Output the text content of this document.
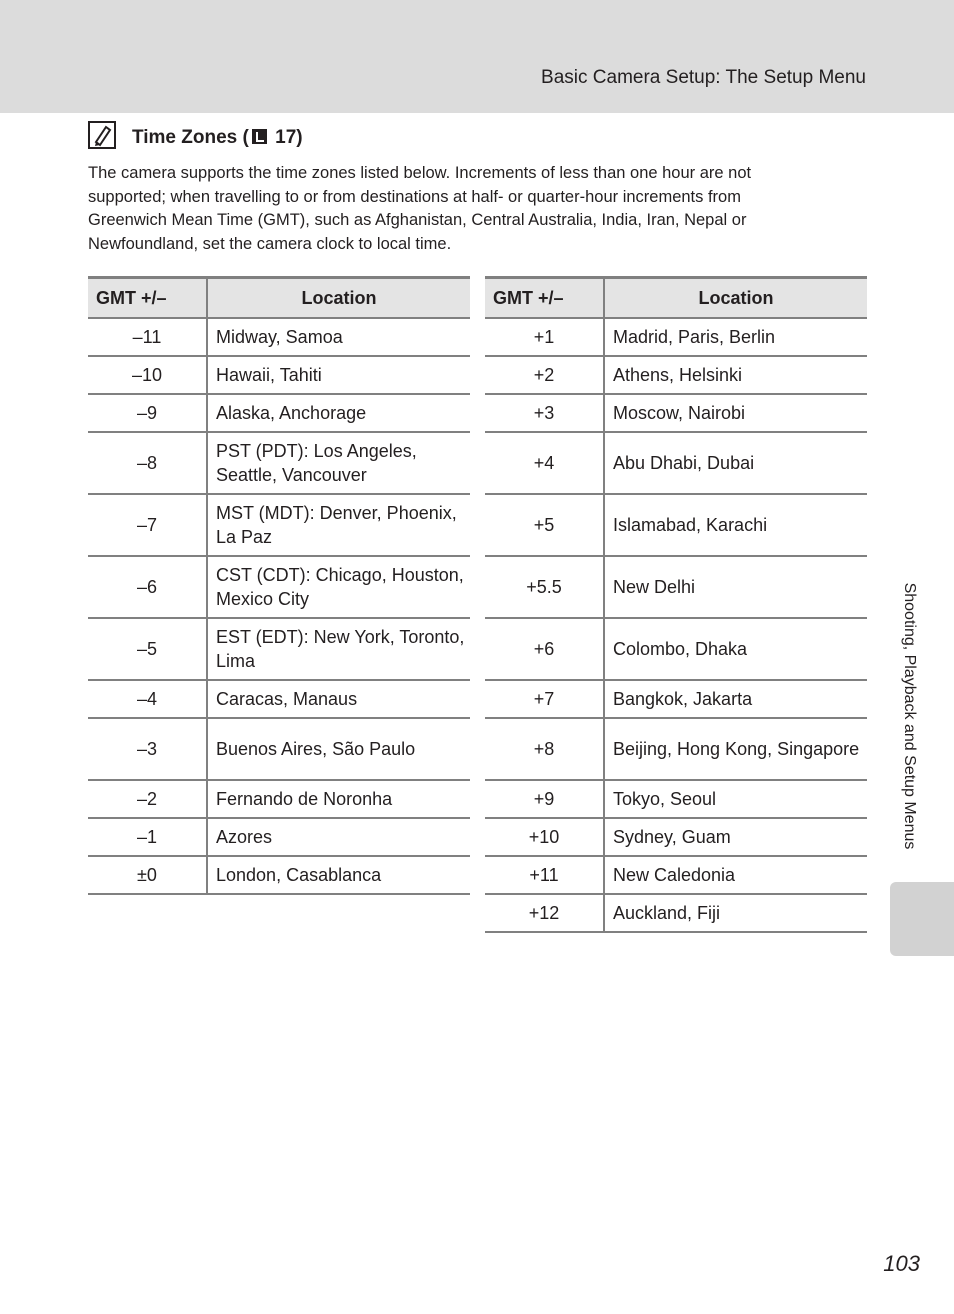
Basic Camera Setup: The Setup Menu
Time Zones ( 17)
The camera supports the time zones listed below. Increments of less than one hour are not supported; when travelling to or from destinations at half- or quarter-hour increments from Greenwich Mean Time (GMT), such as Afghanistan, Central Australia, India, Iran, Nepal or Newfoundland, set the camera clock to local time.
GMT +/–	Location
–11	Midway, Samoa
–10	Hawaii, Tahiti
–9	Alaska, Anchorage
–8	PST (PDT): Los Angeles, Seattle, Vancouver
–7	MST (MDT): Denver, Phoenix, La Paz
–6	CST (CDT): Chicago, Houston, Mexico City
–5	EST (EDT): New York, Toronto, Lima
–4	Caracas, Manaus
–3	Buenos Aires, São Paulo
–2	Fernando de Noronha
–1	Azores
±0	London, Casablanca
GMT +/–	Location
+1	Madrid, Paris, Berlin
+2	Athens, Helsinki
+3	Moscow, Nairobi
+4	Abu Dhabi, Dubai
+5	Islamabad, Karachi
+5.5	New Delhi
+6	Colombo, Dhaka
+7	Bangkok, Jakarta
+8	Beijing, Hong Kong, Singapore
+9	Tokyo, Seoul
+10	Sydney, Guam
+11	New Caledonia
+12	Auckland, Fiji
Shooting, Playback and Setup Menus
103
